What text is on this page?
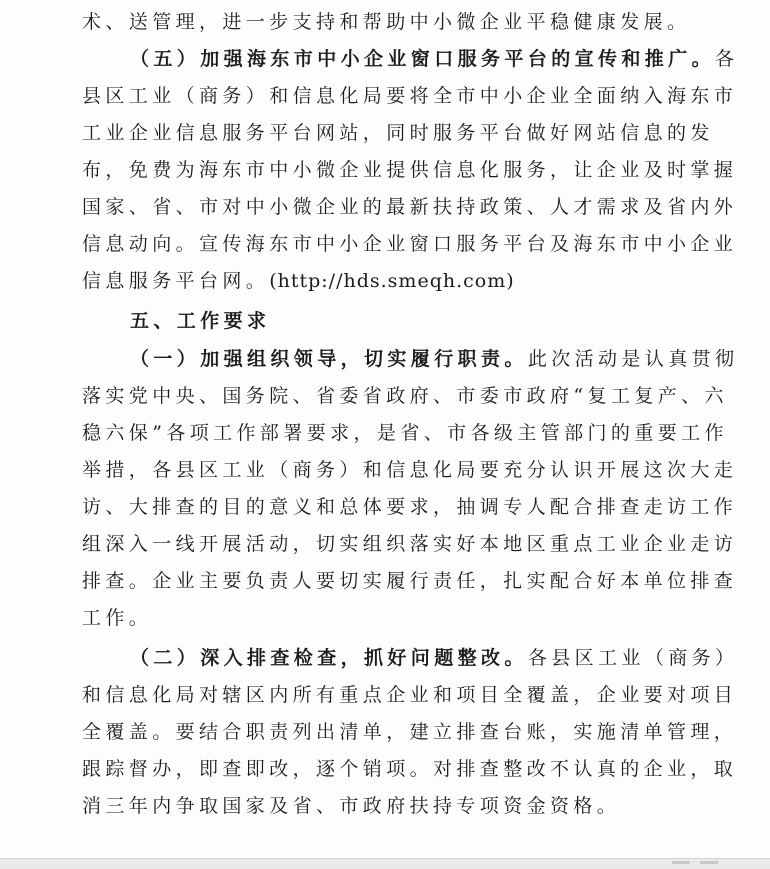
术、送管理，进一步支持和帮助中小微企业平稳健康发展。
（五）加强海东市中小企业窗口服务平台的宣传和推广。各
县区工业（商务）和信息化局要将全市中小企业全面纳入海东市
工业企业信息服务平台网站，同时服务平台做好网站信息的发
布，免费为海东市中小微企业提供信息化服务，让企业及时掌握
国家、省、市对中小微企业的最新扶持政策、人才需求及省内外
信息动向。宣传海东市中小企业窗口服务平台及海东市中小企业
信息服务平台网。(http://hds.smeqh.com)
五、工作要求
（一）加强组织领导，切实履行职责。此次活动是认真贯彻
落实党中央、国务院、省委省政府、市委市政府“复工复产、六
稳六保”各项工作部署要求，是省、市各级主管部门的重要工作
举措，各县区工业（商务）和信息化局要充分认识开展这次大走
访、大排查的目的意义和总体要求，抽调专人配合排查走访工作
组深入一线开展活动，切实组织落实好本地区重点工业企业走访
排查。企业主要负责人要切实履行责任，扎实配合好本单位排查
工作。
（二）深入排查检查，抓好问题整改。各县区工业（商务）
和信息化局对辖区内所有重点企业和项目全覆盖，企业要对项目
全覆盖。要结合职责列出清单，建立排查台账，实施清单管理，
跟踪督办，即查即改，逐个销项。对排查整改不认真的企业，取
消三年内争取国家及省、市政府扶持专项资金资格。
